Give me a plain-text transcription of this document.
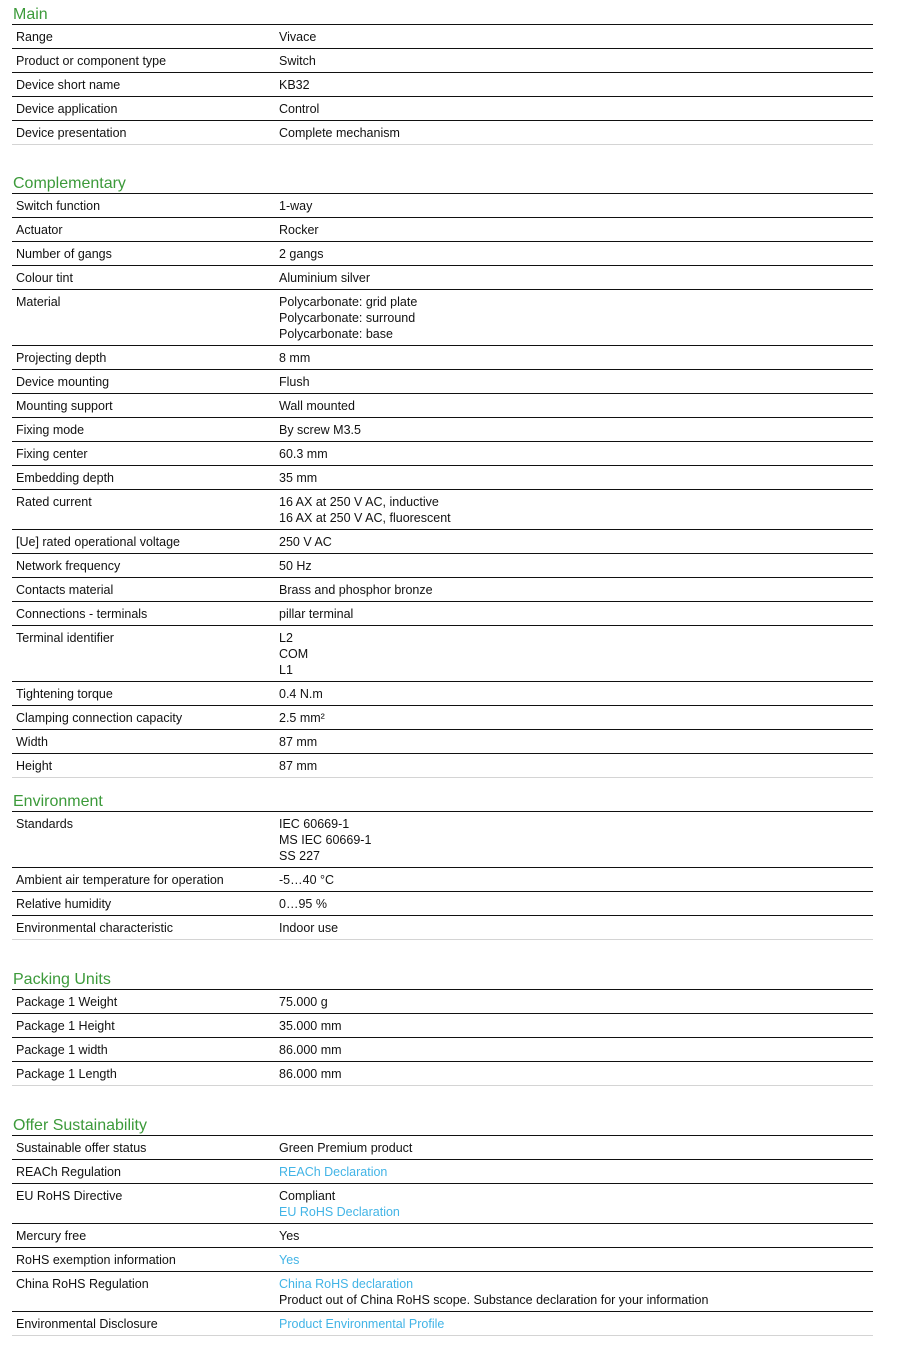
Main
Range	Vivace
Product or component type	Switch
Device short name	KB32
Device application	Control
Device presentation	Complete mechanism
Complementary
Switch function	1-way
Actuator	Rocker
Number of gangs	2 gangs
Colour tint	Aluminium silver
Material	Polycarbonate: grid plate
Polycarbonate: surround
Polycarbonate: base
Projecting depth	8 mm
Device mounting	Flush
Mounting support	Wall mounted
Fixing mode	By screw M3.5
Fixing center	60.3 mm
Embedding depth	35 mm
Rated current	16 AX at 250 V AC, inductive
16 AX at 250 V AC, fluorescent
[Ue] rated operational voltage	250 V AC
Network frequency	50 Hz
Contacts material	Brass and phosphor bronze
Connections - terminals	pillar terminal
Terminal identifier	L2
COM
L1
Tightening torque	0.4 N.m
Clamping connection capacity	2.5 mm²
Width	87 mm
Height	87 mm
Environment
Standards	IEC 60669-1
MS IEC 60669-1
SS 227
Ambient air temperature for operation	-5…40 °C
Relative humidity	0…95 %
Environmental characteristic	Indoor use
Packing Units
Package 1 Weight	75.000 g
Package 1 Height	35.000 mm
Package 1 width	86.000 mm
Package 1 Length	86.000 mm
Offer Sustainability
Sustainable offer status	Green Premium product
REACh Regulation	REACh Declaration
EU RoHS Directive	Compliant
EU RoHS Declaration
Mercury free	Yes
RoHS exemption information	Yes
China RoHS Regulation	China RoHS declaration
Product out of China RoHS scope. Substance declaration for your information
Environmental Disclosure	Product Environmental Profile
